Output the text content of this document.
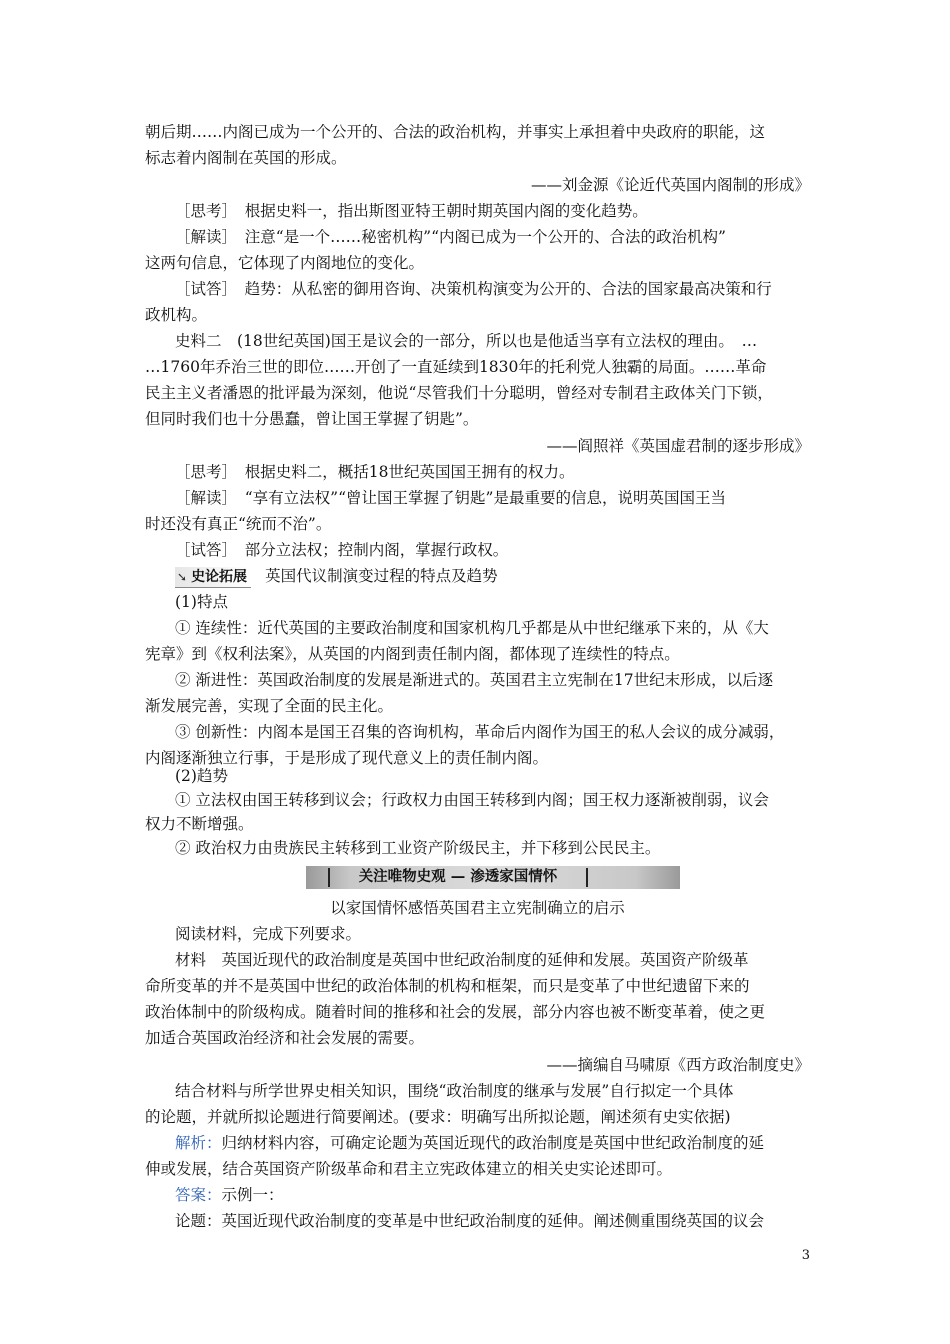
朝后期……内阁已成为一个公开的、合法的政治机构，并事实上承担着中央政府的职能，这
标志着内阁制在英国的形成。
——刘金源《论近代英国内阁制的形成》
［思考］　根据史料一，指出斯图亚特王朝时期英国内阁的变化趋势。
［解读］　注意“是一个……秘密机构”“内阁已成为一个公开的、合法的政治机构”
这两句信息，它体现了内阁地位的变化。
［试答］　趋势：从私密的御用咨询、决策机构演变为公开的、合法的国家最高决策和行
政机构。
史料二　(18世纪英国)国王是议会的一部分，所以也是他适当享有立法权的理由。　…
…1760年乔治三世的即位……开创了一直延续到1830年的托利党人独霸的局面。……革命
民主主义者潘恩的批评最为深刻，他说“尽管我们十分聪明，曾经对专制君主政体关门下锁，
但同时我们也十分愚蠢，曾让国王掌握了钥匙”。
——阎照祥《英国虚君制的逐步形成》
［思考］　根据史料二，概括18世纪英国国王拥有的权力。
［解读］　“享有立法权”“曾让国王掌握了钥匙”是最重要的信息，说明英国国王当
时还没有真正“统而不治”。
［试答］　部分立法权；控制内阁，掌握行政权。
➘ 史论拓展 英国代议制演变过程的特点及趋势
(1)特点
① 连续性：近代英国的主要政治制度和国家机构几乎都是从中世纪继承下来的，从《大
宪章》到《权利法案》，从英国的内阁到责任制内阁，都体现了连续性的特点。
② 渐进性：英国政治制度的发展是渐进式的。英国君主立宪制在17世纪末形成，以后逐
渐发展完善，实现了全面的民主化。
③ 创新性：内阁本是国王召集的咨询机构，革命后内阁作为国王的私人会议的成分减弱，
内阁逐渐独立行事，于是形成了现代意义上的责任制内阁。
(2)趋势
① 立法权由国王转移到议会；行政权力由国王转移到内阁；国王权力逐渐被削弱，议会
权力不断增强。
② 政治权力由贵族民主转移到工业资产阶级民主，并下移到公民民主。
关注唯物史观 — 渗透家国情怀
以家国情怀感悟英国君主立宪制确立的启示
阅读材料，完成下列要求。
材料　英国近现代的政治制度是英国中世纪政治制度的延伸和发展。英国资产阶级革
命所变革的并不是英国中世纪的政治体制的机构和框架，而只是变革了中世纪遗留下来的
政治体制中的阶级构成。随着时间的推移和社会的发展，部分内容也被不断变革着，使之更
加适合英国政治经济和社会发展的需要。
——摘编自马啸原《西方政治制度史》
结合材料与所学世界史相关知识，围绕“政治制度的继承与发展”自行拟定一个具体
的论题，并就所拟论题进行简要阐述。(要求：明确写出所拟论题，阐述须有史实依据)
解析：归纳材料内容，可确定论题为英国近现代的政治制度是英国中世纪政治制度的延
伸或发展，结合英国资产阶级革命和君主立宪政体建立的相关史实论述即可。
答案：示例一：
论题：英国近现代政治制度的变革是中世纪政治制度的延伸。阐述侧重围绕英国的议会
3
